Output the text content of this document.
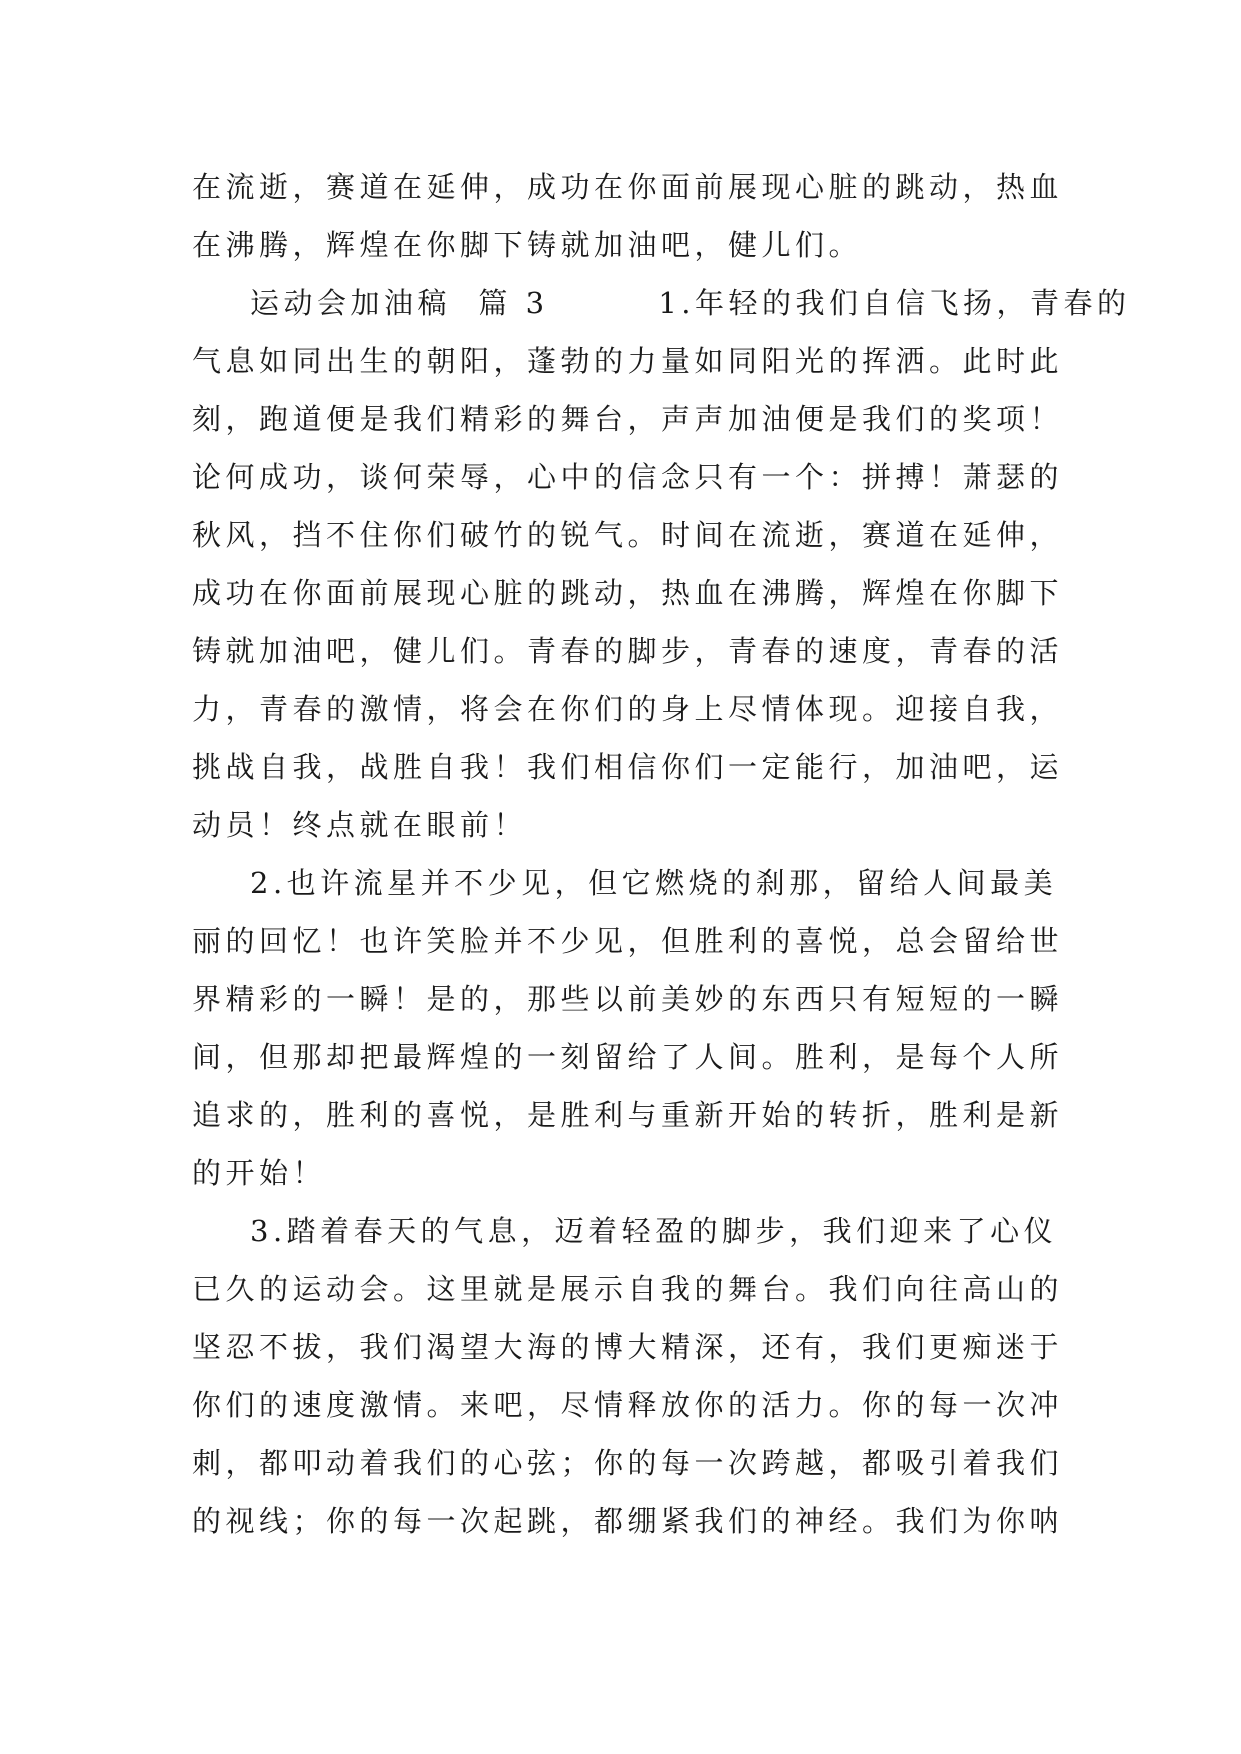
在流逝，赛道在延伸，成功在你面前展现心脏的跳动，热血
在沸腾，辉煌在你脚下铸就加油吧，健儿们。
运动会加油稿  篇 3        1.年轻的我们自信飞扬，青春的
气息如同出生的朝阳，蓬勃的力量如同阳光的挥洒。此时此
刻，跑道便是我们精彩的舞台，声声加油便是我们的奖项！
论何成功，谈何荣辱，心中的信念只有一个：拼搏！萧瑟的
秋风，挡不住你们破竹的锐气。时间在流逝，赛道在延伸，
成功在你面前展现心脏的跳动，热血在沸腾，辉煌在你脚下
铸就加油吧，健儿们。青春的脚步，青春的速度，青春的活
力，青春的激情，将会在你们的身上尽情体现。迎接自我，
挑战自我，战胜自我！我们相信你们一定能行，加油吧，运
动员！终点就在眼前！
2.也许流星并不少见，但它燃烧的刹那，留给人间最美
丽的回忆！也许笑脸并不少见，但胜利的喜悦，总会留给世
界精彩的一瞬！是的，那些以前美妙的东西只有短短的一瞬
间，但那却把最辉煌的一刻留给了人间。胜利，是每个人所
追求的，胜利的喜悦，是胜利与重新开始的转折，胜利是新
的开始！
3.踏着春天的气息，迈着轻盈的脚步，我们迎来了心仪
已久的运动会。这里就是展示自我的舞台。我们向往高山的
坚忍不拔，我们渴望大海的博大精深，还有，我们更痴迷于
你们的速度激情。来吧，尽情释放你的活力。你的每一次冲
刺，都叩动着我们的心弦；你的每一次跨越，都吸引着我们
的视线；你的每一次起跳，都绷紧我们的神经。我们为你呐
